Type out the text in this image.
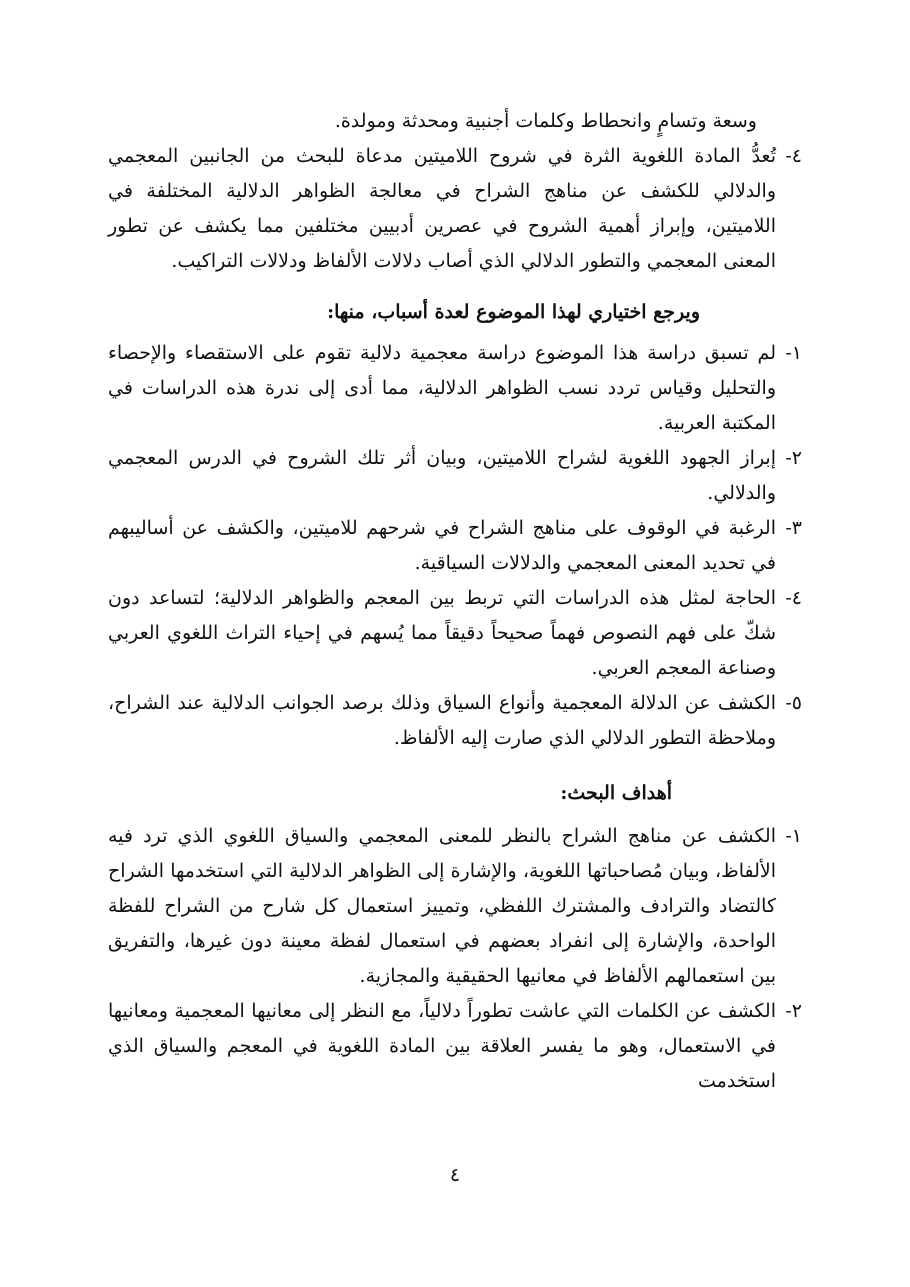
وسعة وتسامٍ وانحطاط وكلمات أجنبية ومحدثة ومولدة.

٤-

تُعدُّ المادة اللغوية الثرة في شروح اللاميتين مدعاة للبحث من الجانبين المعجمي والدلالي للكشف عن مناهج الشراح في معالجة الظواهر الدلالية المختلفة في اللاميتين، وإبراز أهمية الشروح في عصرين أدبيين مختلفين مما يكشف عن تطور المعنى المعجمي والتطور الدلالي الذي أصاب دلالات الألفاظ ودلالات التراكيب.

ويرجع اختياري لهذا الموضوع لعدة أسباب، منها:
١-

لم تسبق دراسة هذا الموضوع دراسة معجمية دلالية تقوم على الاستقصاء والإحصاء والتحليل وقياس تردد نسب الظواهر الدلالية، مما أدى إلى ندرة هذه الدراسات في المكتبة العربية.

٢-

إبراز الجهود اللغوية لشراح اللاميتين، وبيان أثر تلك الشروح في الدرس المعجمي والدلالي.

٣-

الرغبة في الوقوف على مناهج الشراح في شرحهم للاميتين، والكشف عن أساليبهم في تحديد المعنى المعجمي والدلالات السياقية.

٤-

الحاجة لمثل هذه الدراسات التي تربط بين المعجم والظواهر الدلالية؛ لتساعد دون شكّ على فهم النصوص فهماً صحيحاً دقيقاً مما يُسهم في إحياء التراث اللغوي العربي وصناعة المعجم العربي.

٥-

الكشف عن الدلالة المعجمية وأنواع السياق وذلك برصد الجوانب الدلالية عند الشراح، وملاحظة التطور الدلالي الذي صارت إليه الألفاظ.

أهداف البحث:
١-

الكشف عن مناهج الشراح بالنظر للمعنى المعجمي والسياق اللغوي الذي ترد فيه الألفاظ، وبيان مُصاحباتها اللغوية، والإشارة إلى الظواهر الدلالية التي استخدمها الشراح كالتضاد والترادف والمشترك اللفظي، وتمييز استعمال كل شارح من الشراح للفظة الواحدة، والإشارة إلى انفراد بعضهم في استعمال لفظة معينة دون غيرها، والتفريق بين استعمالهم الألفاظ في معانيها الحقيقية والمجازية.

٢-

الكشف عن الكلمات التي عاشت تطوراً دلالياً، مع النظر إلى معانيها المعجمية ومعانيها في الاستعمال، وهو ما يفسر العلاقة بين المادة اللغوية في المعجم والسياق الذي استخدمت

٤
